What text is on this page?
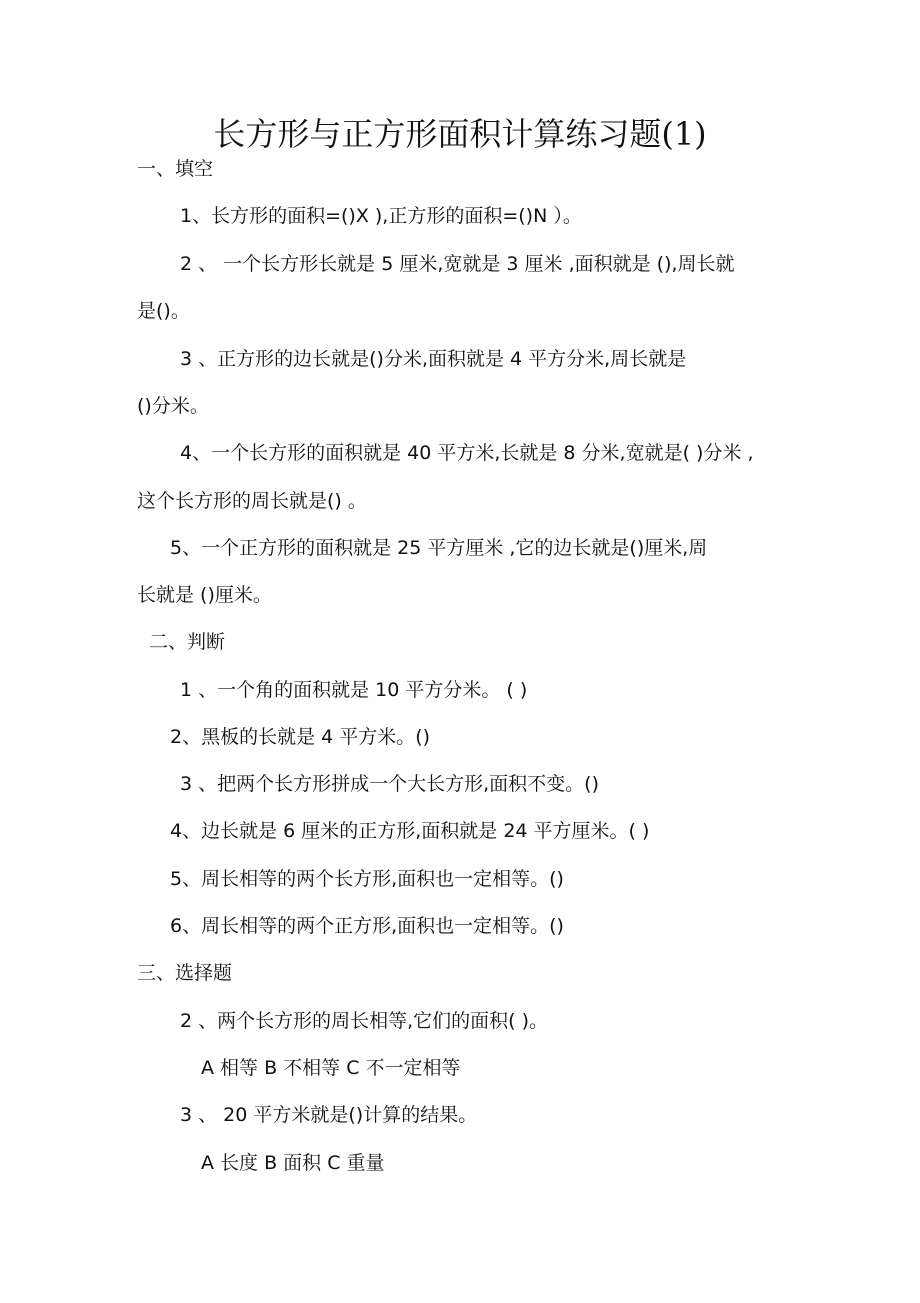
长方形与正方形面积计算练习题(1)
一、填空
1、长方形的面积=()X ),正方形的面积=()N ）。
2 、 一个长方形长就是 5 厘米,宽就是 3 厘米 ,面积就是 (),周长就
是()。
3 、正方形的边长就是()分米,面积就是 4 平方分米,周长就是
()分米。
4、一个长方形的面积就是 40 平方米,长就是 8 分米,宽就是( )分米 ,
这个长方形的周长就是() 。
5、一个正方形的面积就是 25 平方厘米 ,它的边长就是()厘米,周
长就是 ()厘米。
二、判断
1 、一个角的面积就是 10 平方分米。 ( )
2、黑板的长就是 4 平方米。()
3 、把两个长方形拼成一个大长方形,面积不变。()
4、边长就是 6 厘米的正方形,面积就是 24 平方厘米。( )
5、周长相等的两个长方形,面积也一定相等。()
6、周长相等的两个正方形,面积也一定相等。()
三、选择题
2 、两个长方形的周长相等,它们的面积( )。
A 相等 B 不相等 C 不一定相等
3 、 20 平方米就是()计算的结果。
A 长度 B 面积 C 重量
